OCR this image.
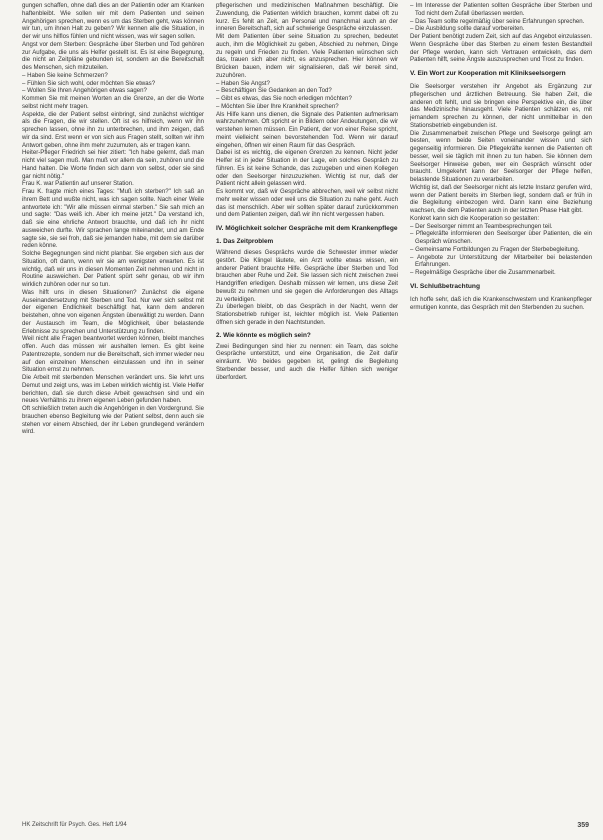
gungen schaffen, ohne daß dies an der Patientin oder am Kranken haftenbleibt. Wie sollen wir mit dem Patienten und seinen Angehörigen sprechen, wenn es um das Sterben geht, was können wir tun, um ihnen Halt zu geben? Wir kennen alle die Situation, in der wir uns hilflos fühlen und nicht wissen, was wir sagen sollen.

Angst vor dem Sterben: Gespräche über Sterben und Tod gehören zur Aufgabe, die uns als Helfer gestellt ist. Es ist eine Begegnung, die nicht an Zeitpläne gebunden ist, sondern an die Bereitschaft des Menschen, sich mitzuteilen.

– Haben Sie keine Schmerzen?
– Fühlen Sie sich wohl, oder möchten Sie etwas?
– Wollen Sie Ihren Angehörigen etwas sagen?

Kommen Sie mit meinen Worten an die Grenze, an der die Worte selbst nicht mehr tragen.

Aspekte, die der Patient selbst einbringt, sind zunächst wichtiger als die Fragen, die wir stellen. Oft ist es hilfreich, wenn wir ihn sprechen lassen, ohne ihn zu unterbrechen, und ihm zeigen, daß wir da sind. Erst wenn er von sich aus Fragen stellt, sollten wir ihm Antwort geben, ohne ihm mehr zuzumuten, als er tragen kann.

Heiter-Pfleger Friedrich sei hier zitiert: "Ich habe gelernt, daß man nicht viel sagen muß. Man muß vor allem da sein, zuhören und die Hand halten. Die Worte finden sich dann von selbst, oder sie sind gar nicht nötig."

Frau K. war Patientin auf unserer Station.

Frau K. fragte mich eines Tages: "Muß ich sterben?" Ich saß an ihrem Bett und wußte nicht, was ich sagen sollte. Nach einer Weile antwortete ich: "Wir alle müssen einmal sterben." Sie sah mich an und sagte: "Das weiß ich. Aber ich meine jetzt." Da verstand ich, daß sie eine ehrliche Antwort brauchte, und daß ich ihr nicht ausweichen durfte. Wir sprachen lange miteinander, und am Ende sagte sie, sie sei froh, daß sie jemanden habe, mit dem sie darüber reden könne.

Solche Begegnungen sind nicht planbar. Sie ergeben sich aus der Situation, oft dann, wenn wir sie am wenigsten erwarten. Es ist wichtig, daß wir uns in diesen Momenten Zeit nehmen und nicht in Routine ausweichen. Der Patient spürt sehr genau, ob wir ihm wirklich zuhören oder nur so tun.

Was hilft uns in diesen Situationen? Zunächst die eigene Auseinandersetzung mit Sterben und Tod. Nur wer sich selbst mit der eigenen Endlichkeit beschäftigt hat, kann dem anderen beistehen, ohne von eigenen Ängsten überwältigt zu werden. Dann der Austausch im Team, die Möglichkeit, über belastende Erlebnisse zu sprechen und Unterstützung zu finden.

Weil nicht alle Fragen beantwortet werden können, bleibt manches offen. Auch das müssen wir aushalten lernen. Es gibt keine Patentrezepte, sondern nur die Bereitschaft, sich immer wieder neu auf den einzelnen Menschen einzulassen und ihn in seiner Situation ernst zu nehmen.

Die Arbeit mit sterbenden Menschen verändert uns. Sie lehrt uns Demut und zeigt uns, was im Leben wirklich wichtig ist. Viele Helfer berichten, daß sie durch diese Arbeit gewachsen sind und ein neues Verhältnis zu ihrem eigenen Leben gefunden haben.

Oft schließlich treten auch die Angehörigen in den Vordergrund. Sie brauchen ebenso Begleitung wie der Patient selbst, denn auch sie stehen vor einem Abschied, der ihr Leben grundlegend verändern wird.

pflegerischen und medizinischen Maßnahmen beschäftigt. Die Zuwendung, die Patienten wirklich brauchen, kommt dabei oft zu kurz. Es fehlt an Zeit, an Personal und manchmal auch an der inneren Bereitschaft, sich auf schwierige Gespräche einzulassen.

Mit dem Patienten über seine Situation zu sprechen, bedeutet auch, ihm die Möglichkeit zu geben, Abschied zu nehmen, Dinge zu regeln und Frieden zu finden. Viele Patienten wünschen sich das, trauen sich aber nicht, es anzusprechen. Hier können wir Brücken bauen, indem wir signalisieren, daß wir bereit sind, zuzuhören.

– Haben Sie Angst?
– Beschäftigen Sie Gedanken an den Tod?
– Gibt es etwas, das Sie noch erledigen möchten?
– Möchten Sie über Ihre Krankheit sprechen?

Als Hilfe kann uns dienen, die Signale des Patienten aufmerksam wahrzunehmen. Oft spricht er in Bildern oder Andeutungen, die wir verstehen lernen müssen. Ein Patient, der von einer Reise spricht, meint vielleicht seinen bevorstehenden Tod. Wenn wir darauf eingehen, öffnen wir einen Raum für das Gespräch.

Dabei ist es wichtig, die eigenen Grenzen zu kennen. Nicht jeder Helfer ist in jeder Situation in der Lage, ein solches Gespräch zu führen. Es ist keine Schande, das zuzugeben und einen Kollegen oder den Seelsorger hinzuzuziehen. Wichtig ist nur, daß der Patient nicht allein gelassen wird.

Es kommt vor, daß wir Gespräche abbrechen, weil wir selbst nicht mehr weiter wissen oder weil uns die Situation zu nahe geht. Auch das ist menschlich. Aber wir sollten später darauf zurückkommen und dem Patienten zeigen, daß wir ihn nicht vergessen haben.

IV. Möglichkeit solcher Gespräche mit dem Krankenpflege
1. Das Zeitproblem

Während dieses Gesprächs wurde die Schwester immer wieder gestört. Die Klingel läutete, ein Arzt wollte etwas wissen, ein anderer Patient brauchte Hilfe. Gespräche über Sterben und Tod brauchen aber Ruhe und Zeit. Sie lassen sich nicht zwischen zwei Handgriffen erledigen. Deshalb müssen wir lernen, uns diese Zeit bewußt zu nehmen und sie gegen die Anforderungen des Alltags zu verteidigen.

Zu überlegen bleibt, ob das Gespräch in der Nacht, wenn der Stationsbetrieb ruhiger ist, leichter möglich ist. Viele Patienten öffnen sich gerade in den Nachtstunden.

2. Wie könnte es möglich sein?

Zwei Bedingungen sind hier zu nennen: ein Team, das solche Gespräche unterstützt, und eine Organisation, die Zeit dafür einräumt. Wo beides gegeben ist, gelingt die Begleitung Sterbender besser, und auch die Helfer fühlen sich weniger überfordert.

– Im Interesse der Patienten sollten Gespräche über Sterben und Tod nicht dem Zufall überlassen werden.
– Das Team sollte regelmäßig über seine Erfahrungen sprechen.
– Die Ausbildung sollte darauf vorbereiten.

Der Patient benötigt zudem Zeit, sich auf das Angebot einzulassen. Wenn Gespräche über das Sterben zu einem festen Bestandteil der Pflege werden, kann sich Vertrauen entwickeln, das dem Patienten hilft, seine Ängste auszusprechen und Trost zu finden.

V. Ein Wort zur Kooperation mit Klinikseelsorgern

Die Seelsorger verstehen ihr Angebot als Ergänzung zur pflegerischen und ärztlichen Betreuung. Sie haben Zeit, die anderen oft fehlt, und sie bringen eine Perspektive ein, die über das Medizinische hinausgeht. Viele Patienten schätzen es, mit jemandem sprechen zu können, der nicht unmittelbar in den Stationsbetrieb eingebunden ist.

Die Zusammenarbeit zwischen Pflege und Seelsorge gelingt am besten, wenn beide Seiten voneinander wissen und sich gegenseitig informieren. Die Pflegekräfte kennen die Patienten oft besser, weil sie täglich mit ihnen zu tun haben. Sie können dem Seelsorger Hinweise geben, wer ein Gespräch wünscht oder braucht. Umgekehrt kann der Seelsorger der Pflege helfen, belastende Situationen zu verarbeiten.

Wichtig ist, daß der Seelsorger nicht als letzte Instanz gerufen wird, wenn der Patient bereits im Sterben liegt, sondern daß er früh in die Begleitung einbezogen wird. Dann kann eine Beziehung wachsen, die dem Patienten auch in der letzten Phase Halt gibt.

Konkret kann sich die Kooperation so gestalten:

– Der Seelsorger nimmt an Teambesprechungen teil.
– Pflegekräfte informieren den Seelsorger über Patienten, die ein Gespräch wünschen.
– Gemeinsame Fortbildungen zu Fragen der Sterbebegleitung.
– Angebote zur Unterstützung der Mitarbeiter bei belastenden Erfahrungen.
– Regelmäßige Gespräche über die Zusammenarbeit.
VI. Schlußbetrachtung

Ich hoffe sehr, daß ich die Krankenschwestern und Krankenpfleger ermutigen konnte, das Gespräch mit den Sterbenden zu suchen.

HK Zeitschrift für Psych. Ges. Heft 1/94	359
